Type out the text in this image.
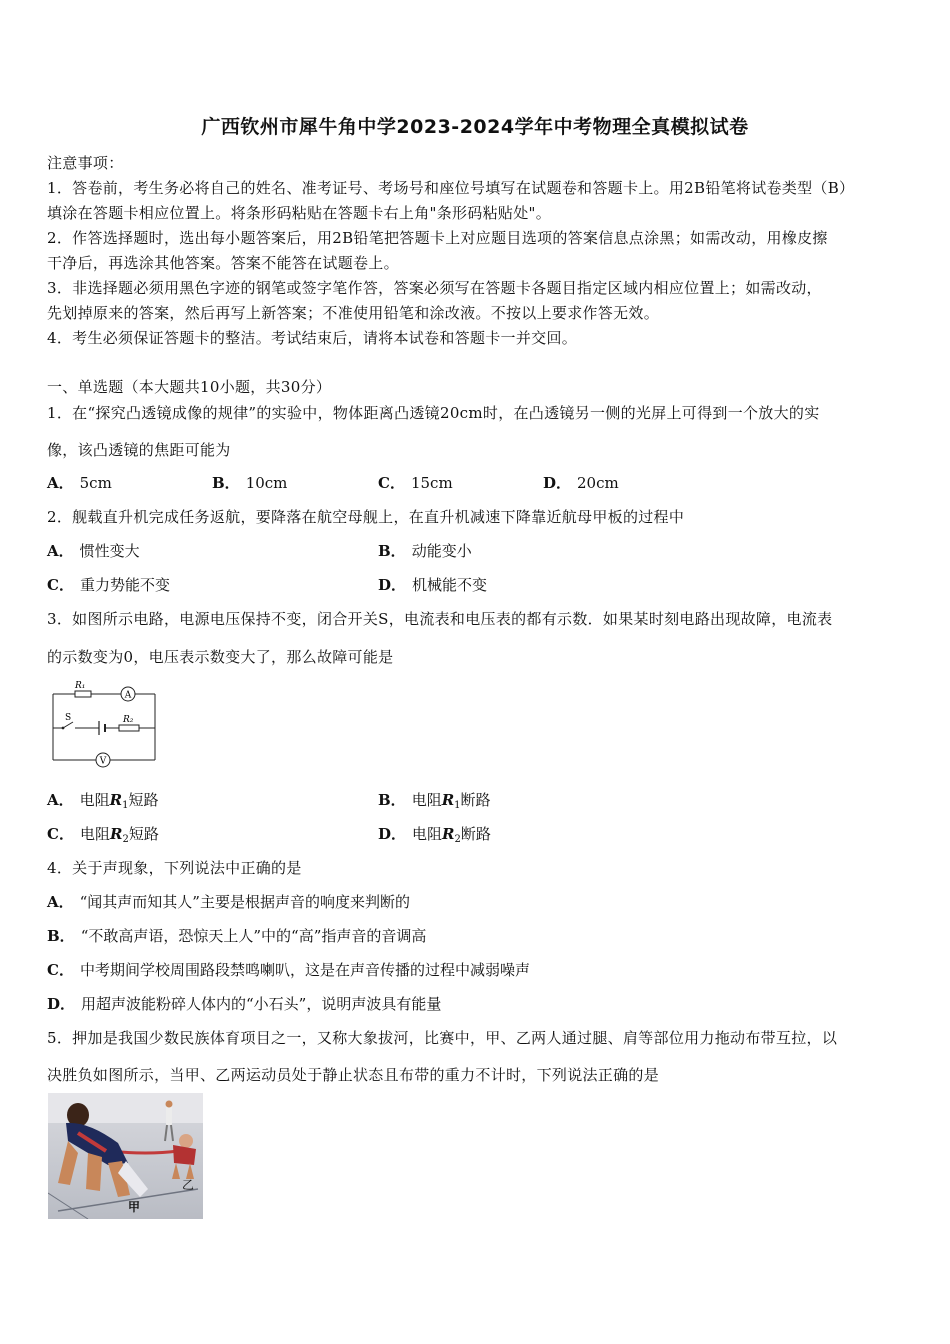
广西钦州市犀牛角中学2023-2024学年中考物理全真模拟试卷
注意事项：
1．答卷前，考生务必将自己的姓名、准考证号、考场号和座位号填写在试题卷和答题卡上。用2B铅笔将试卷类型（B）
填涂在答题卡相应位置上。将条形码粘贴在答题卡右上角"条形码粘贴处"。
2．作答选择题时，选出每小题答案后，用2B铅笔把答题卡上对应题目选项的答案信息点涂黑；如需改动，用橡皮擦
干净后，再选涂其他答案。答案不能答在试题卷上。
3．非选择题必须用黑色字迹的钢笔或签字笔作答，答案必须写在答题卡各题目指定区域内相应位置上；如需改动，
先划掉原来的答案，然后再写上新答案；不准使用铅笔和涂改液。不按以上要求作答无效。
4．考生必须保证答题卡的整洁。考试结束后，请将本试卷和答题卡一并交回。
一、单选题（本大题共10小题，共30分）
1．在“探究凸透镜成像的规律”的实验中，物体距离凸透镜20cm时，在凸透镜另一侧的光屏上可得到一个放大的实
像，该凸透镜的焦距可能为
A． 5cm	B． 10cm	C． 15cm	D． 20cm
2．舰载直升机完成任务返航，要降落在航空母舰上，在直升机减速下降靠近航母甲板的过程中
A． 惯性变大	B． 动能变小
C． 重力势能不变	D． 机械能不变
3．如图所示电路，电源电压保持不变，闭合开关S，电流表和电压表的都有示数．如果某时刻电路出现故障，电流表
的示数变为0，电压表示数变大了，那么故障可能是
A
V
R₁
R₂
S
A． 电阻$R_1$短路	B． 电阻$R_1$断路
C． 电阻$R_2$短路	D． 电阻$R_2$断路
4．关于声现象，下列说法中正确的是
A． “闻其声而知其人”主要是根据声音的响度来判断的
B． “不敢高声语，恐惊天上人”中的“高”指声音的音调高
C． 中考期间学校周围路段禁鸣喇叭，这是在声音传播的过程中减弱噪声
D． 用超声波能粉碎人体内的“小石头”，说明声波具有能量
5．押加是我国少数民族体育项目之一，又称大象拔河，比赛中，甲、乙两人通过腿、肩等部位用力拖动布带互拉，以
决胜负如图所示，当甲、乙两运动员处于静止状态且布带的重力不计时，下列说法正确的是
甲
乙
